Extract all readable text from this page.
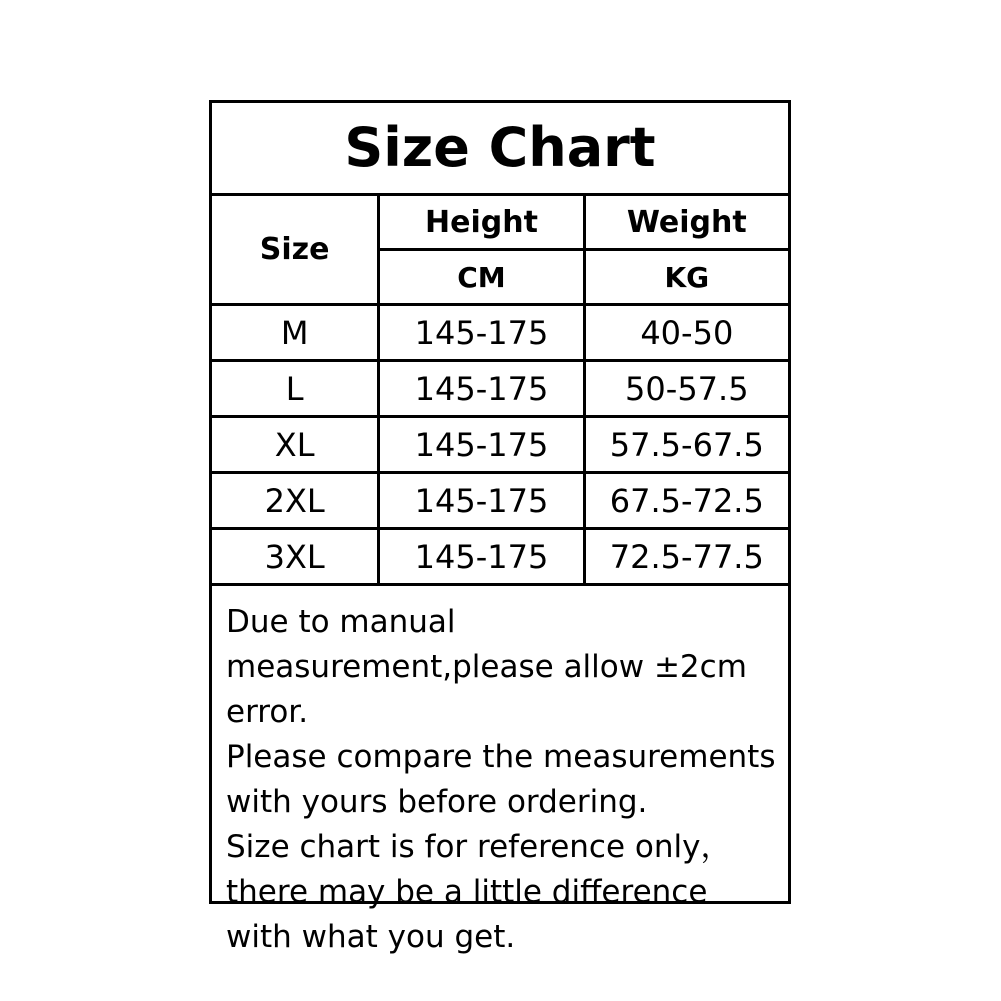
Size Chart
Size	Height	Weight
	CM	KG
M	145-175	40-50
L	145-175	50-57.5
XL	145-175	57.5-67.5
2XL	145-175	67.5-72.5
3XL	145-175	72.5-77.5

Due to manual measurement,please allow ±2cm error.

Please compare the measurements with yours before ordering.

Size chart is for reference only，there may be a little difference with what you get.
